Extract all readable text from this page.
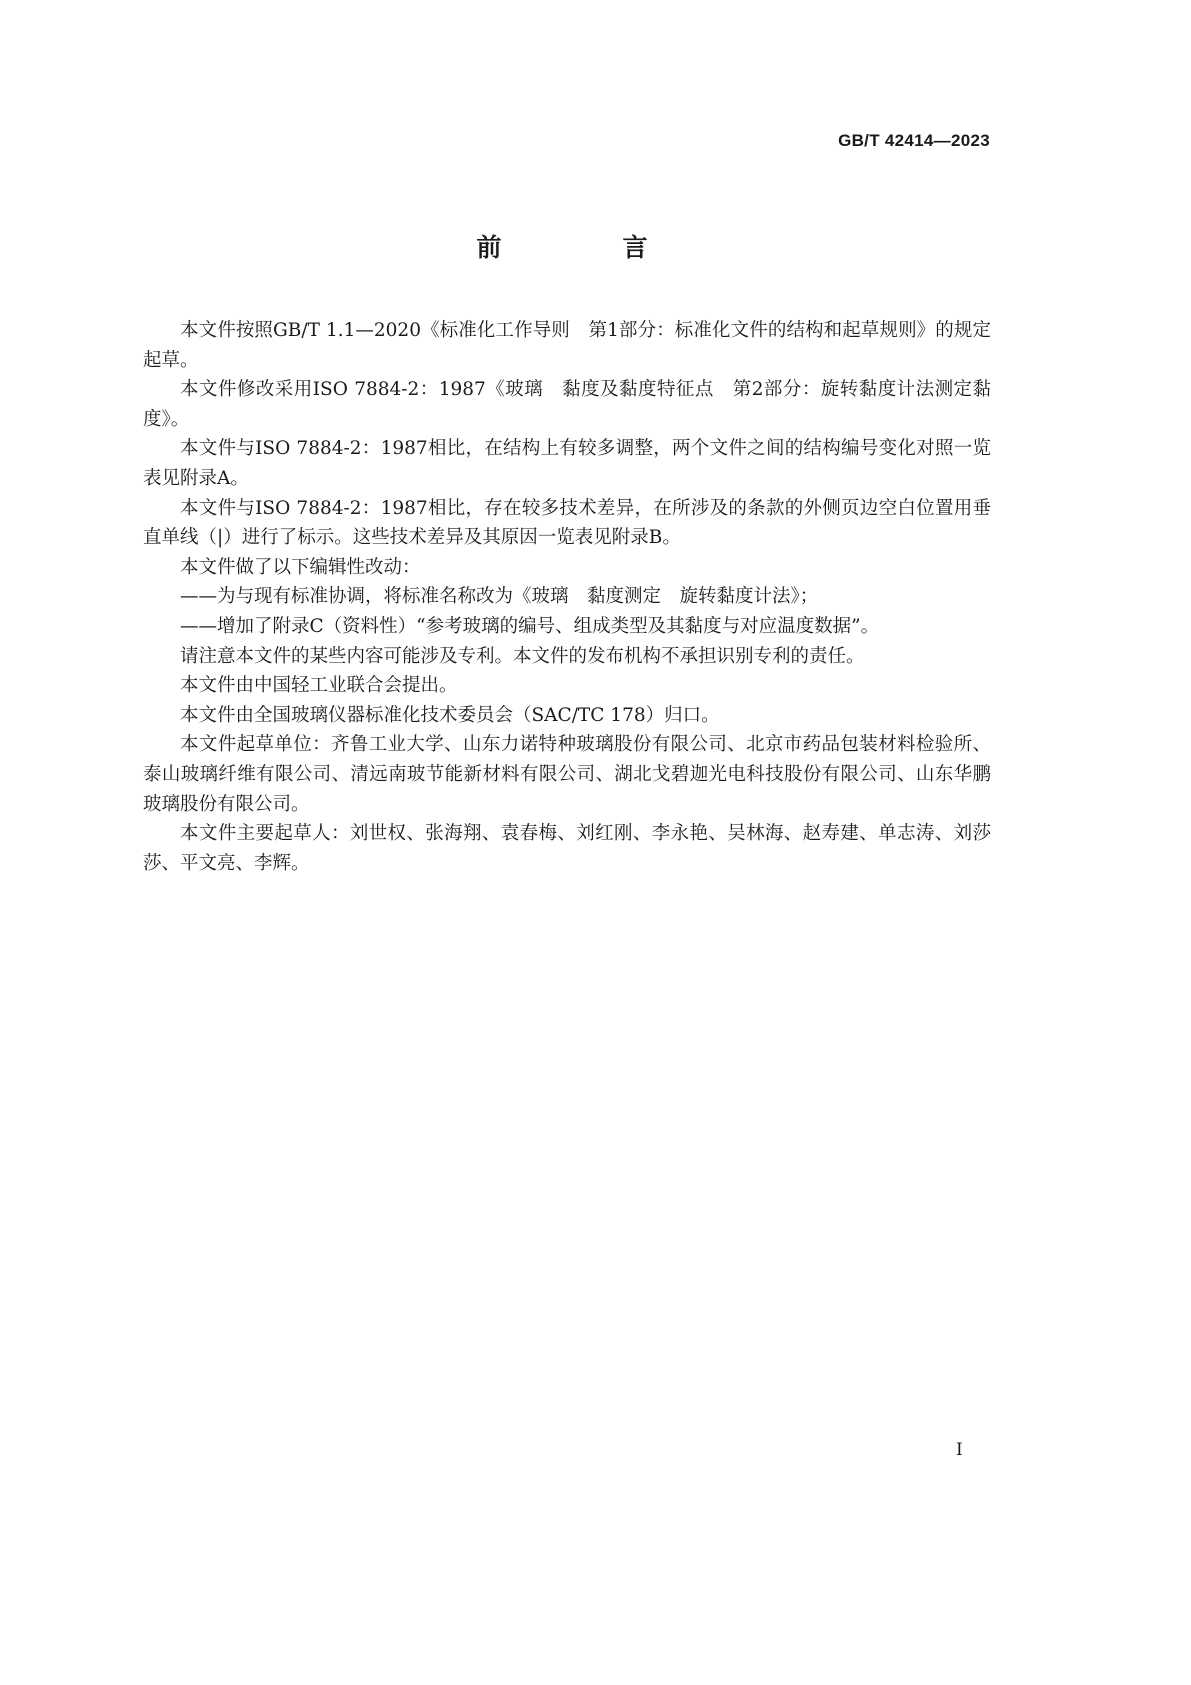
GB/T 42414—2023
前　言

本文件按照GB/T 1.1—2020《标准化工作导则　第1部分：标准化文件的结构和起草规则》的规定起草。

本文件修改采用ISO 7884-2：1987《玻璃　黏度及黏度特征点　第2部分：旋转黏度计法测定黏度》。

本文件与ISO 7884-2：1987相比，在结构上有较多调整，两个文件之间的结构编号变化对照一览表见附录A。

本文件与ISO 7884-2：1987相比，存在较多技术差异，在所涉及的条款的外侧页边空白位置用垂直单线（|）进行了标示。这些技术差异及其原因一览表见附录B。

本文件做了以下编辑性改动：

——为与现有标准协调，将标准名称改为《玻璃　黏度测定　旋转黏度计法》；

——增加了附录C（资料性）“参考玻璃的编号、组成类型及其黏度与对应温度数据”。

请注意本文件的某些内容可能涉及专利。本文件的发布机构不承担识别专利的责任。

本文件由中国轻工业联合会提出。

本文件由全国玻璃仪器标准化技术委员会（SAC/TC 178）归口。

本文件起草单位：齐鲁工业大学、山东力诺特种玻璃股份有限公司、北京市药品包装材料检验所、泰山玻璃纤维有限公司、清远南玻节能新材料有限公司、湖北戈碧迦光电科技股份有限公司、山东华鹏玻璃股份有限公司。

本文件主要起草人：刘世权、张海翔、袁春梅、刘红刚、李永艳、吴林海、赵寿建、单志涛、刘莎莎、平文亮、李辉。

I
